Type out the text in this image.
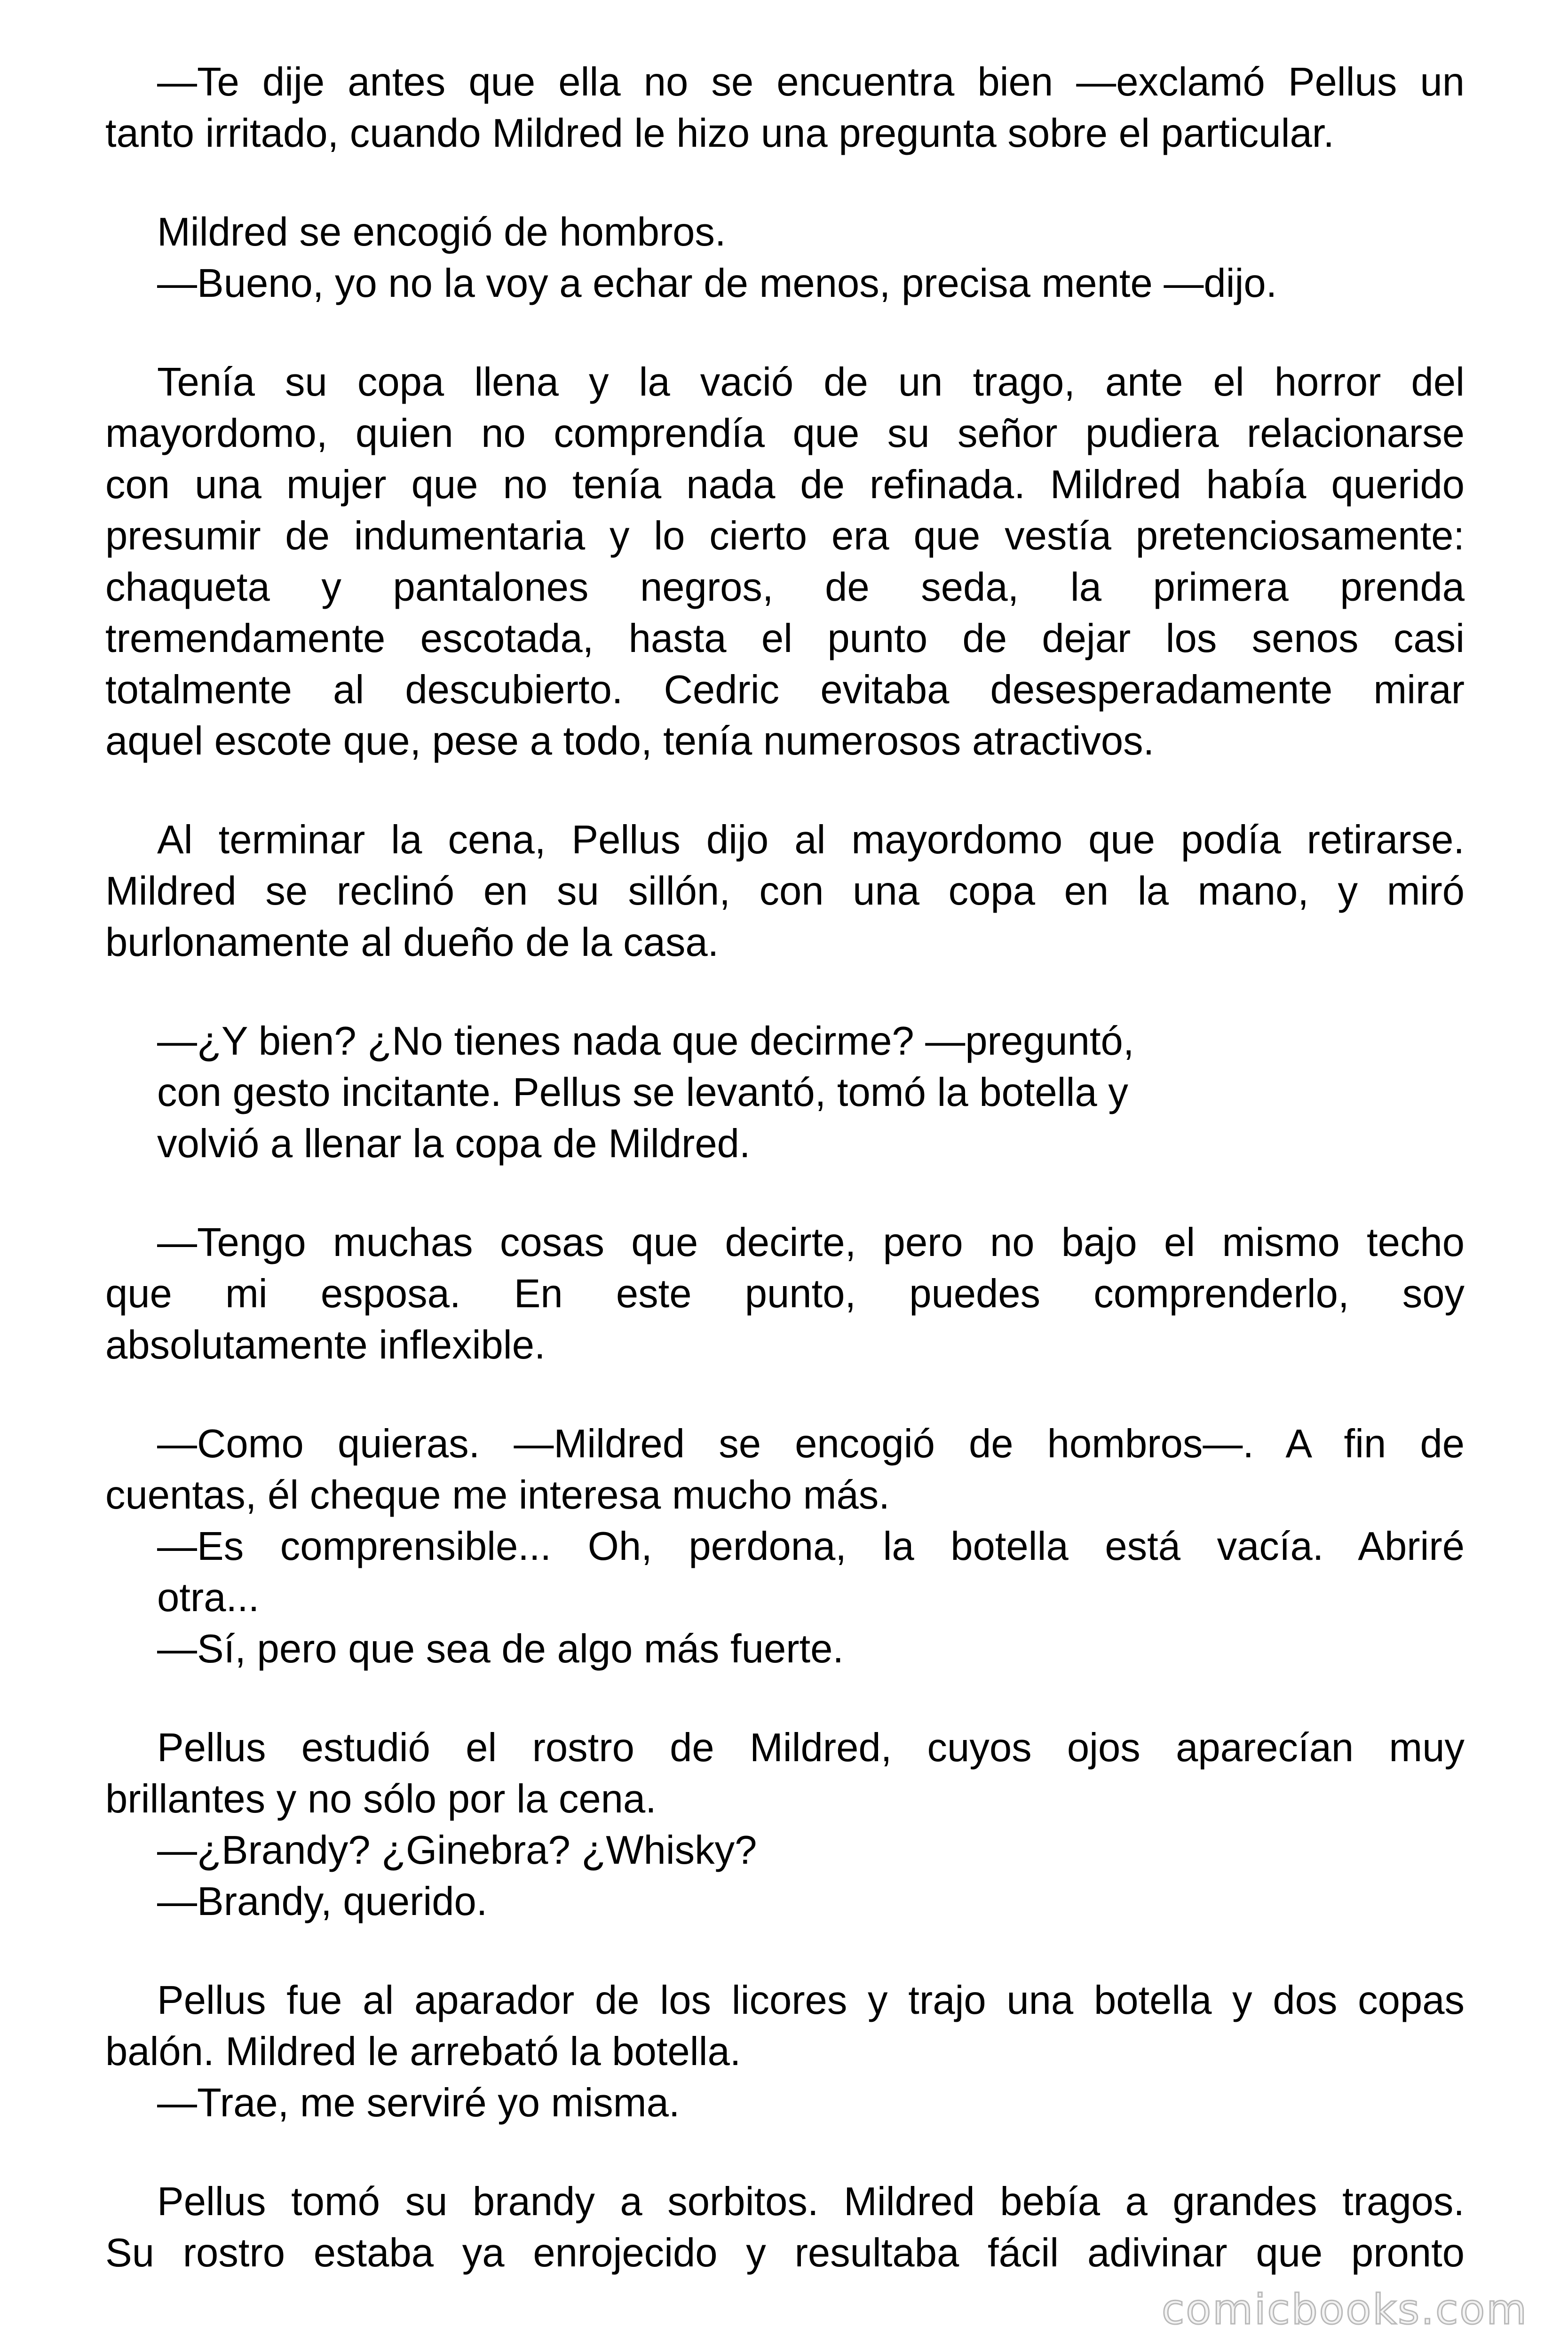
—Te dije antes que ella no se encuentra bien —exclamó Pellus un
tanto irritado, cuando Mildred le hizo una pregunta sobre el particular.
Mildred se encogió de hombros.
—Bueno, yo no la voy a echar de menos, precisa mente —dijo.
Tenía su copa llena y la vació de un trago, ante el horror del
mayordomo, quien no comprendía que su señor pudiera relacionarse
con una mujer que no tenía nada de refinada. Mildred había querido
presumir de indumentaria y lo cierto era que vestía pretenciosamente:
chaqueta y pantalones negros, de seda, la primera prenda
tremendamente escotada, hasta el punto de dejar los senos casi
totalmente al descubierto. Cedric evitaba desesperadamente mirar
aquel escote que, pese a todo, tenía numerosos atractivos.
Al terminar la cena, Pellus dijo al mayordomo que podía retirarse.
Mildred se reclinó en su sillón, con una copa en la mano, y miró
burlonamente al dueño de la casa.
—¿Y bien? ¿No tienes nada que decirme? —preguntó,
con gesto incitante. Pellus se levantó, tomó la botella y
volvió a llenar la copa de Mildred.
—Tengo muchas cosas que decirte, pero no bajo el mismo techo
que mi esposa. En este punto, puedes comprenderlo, soy
absolutamente inflexible.
—Como quieras. —Mildred se encogió de hombros—. A fin de
cuentas, él cheque me interesa mucho más.
—Es comprensible... Oh, perdona, la botella está vacía. Abriré
otra...
—Sí, pero que sea de algo más fuerte.
Pellus estudió el rostro de Mildred, cuyos ojos aparecían muy
brillantes y no sólo por la cena.
—¿Brandy? ¿Ginebra? ¿Whisky?
—Brandy, querido.
Pellus fue al aparador de los licores y trajo una botella y dos copas
balón. Mildred le arrebató la botella.
—Trae, me serviré yo misma.
Pellus tomó su brandy a sorbitos. Mildred bebía a grandes tragos.
Su rostro estaba ya enrojecido y resultaba fácil adivinar que pronto
comicbooks.com
